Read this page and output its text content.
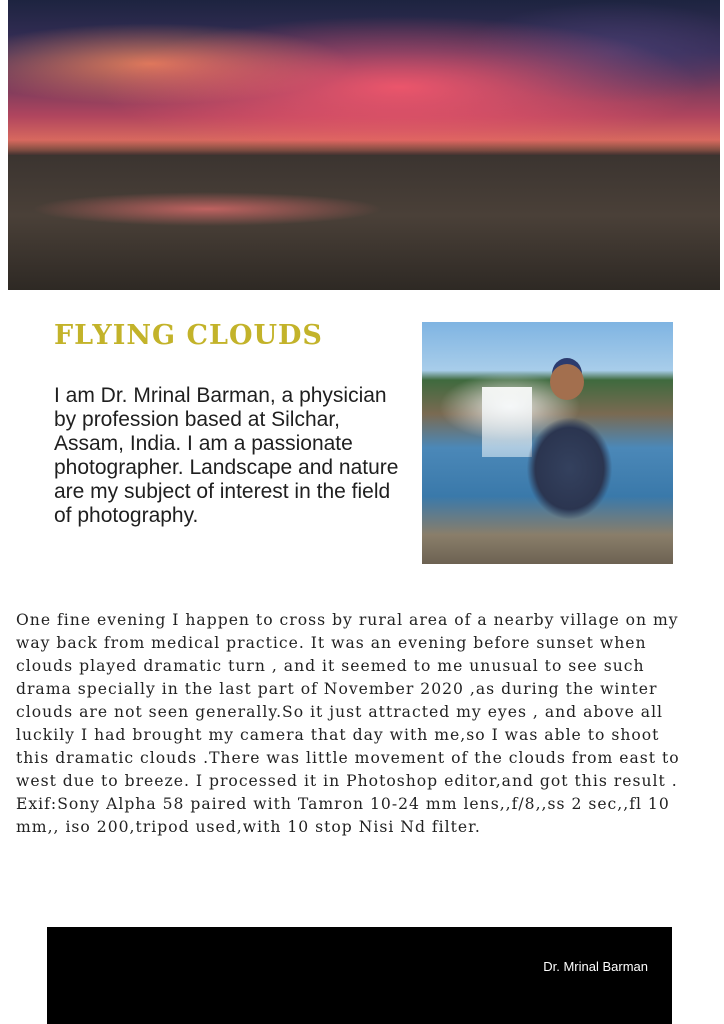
FLYING CLOUDS

I am Dr. Mrinal Barman, a physician by profession based at Silchar, Assam, India. I am a passionate photographer. Landscape and nature are my subject of interest in the field of photography.

One fine evening I happen to cross by rural area of a nearby village on my way back from medical practice. It was an evening before sunset when clouds played dramatic turn , and it seemed to me unusual to see such drama specially in the last part of November 2020 ,as during the winter clouds are not seen generally.So it just attracted my eyes , and above all luckily I had brought my camera that day with me,so I was able to shoot this dramatic clouds .There was little movement of the clouds from east to west due to breeze. I processed it in Photoshop editor,and got this result .

Exif:Sony Alpha 58 paired with Tamron 10-24 mm lens,,f/8,,ss 2 sec,,fl 10 mm,, iso 200,tripod used,with 10 stop Nisi Nd filter.

Dr. Mrinal Barman
